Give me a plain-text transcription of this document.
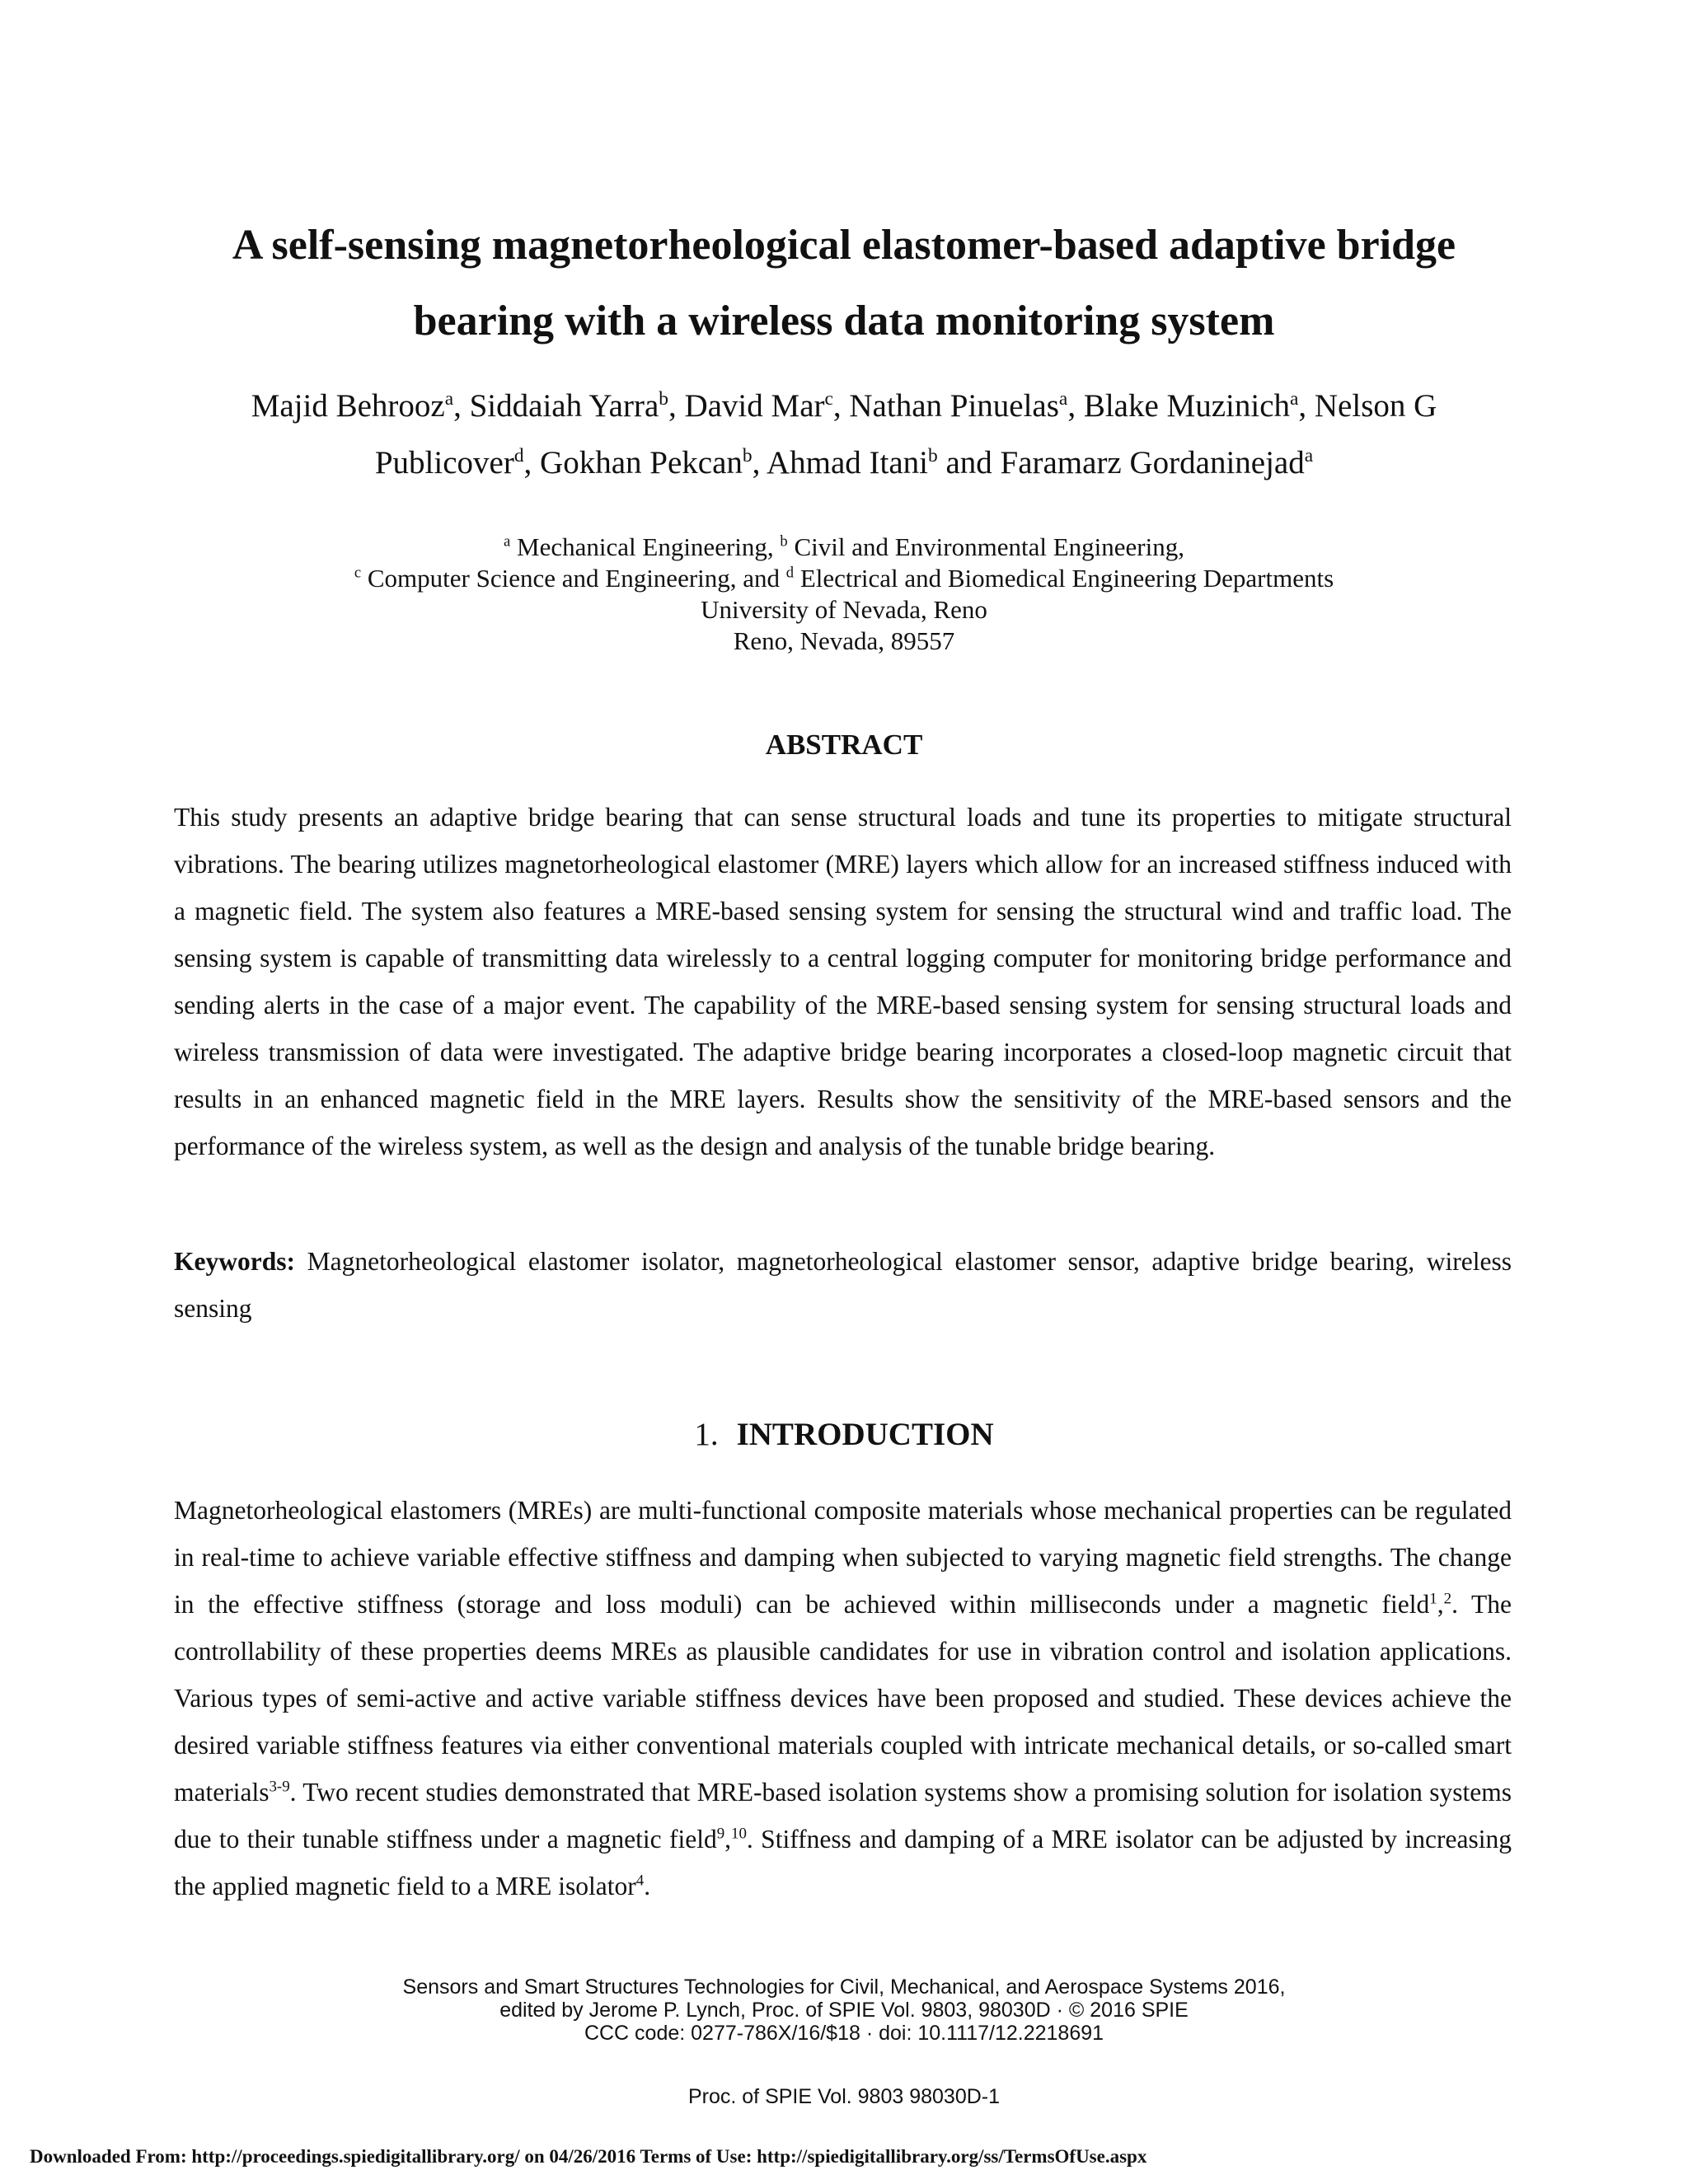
A self-sensing magnetorheological elastomer-based adaptive bridge
bearing with a wireless data monitoring system
Majid Behrooz$^a$, Siddaiah Yarra$^b$, David Mar$^c$, Nathan Pinuelas$^a$, Blake Muzinich$^a$, Nelson G Publicover$^d$, Gokhan Pekcan$^b$, Ahmad Itani$^b$ and Faramarz Gordaninejad$^a$
$^a$ Mechanical Engineering, $^b$ Civil and Environmental Engineering,
$^c$ Computer Science and Engineering, and $^d$ Electrical and Biomedical Engineering Departments
University of Nevada, Reno
Reno, Nevada, 89557
ABSTRACT
This study presents an adaptive bridge bearing that can sense structural loads and tune its properties to mitigate structural vibrations. The bearing utilizes magnetorheological elastomer (MRE) layers which allow for an increased stiffness induced with a magnetic field. The system also features a MRE-based sensing system for sensing the structural wind and traffic load. The sensing system is capable of transmitting data wirelessly to a central logging computer for monitoring bridge performance and sending alerts in the case of a major event. The capability of the MRE-based sensing system for sensing structural loads and wireless transmission of data were investigated. The adaptive bridge bearing incorporates a closed-loop magnetic circuit that results in an enhanced magnetic field in the MRE layers. Results show the sensitivity of the MRE-based sensors and the performance of the wireless system, as well as the design and analysis of the tunable bridge bearing.
Keywords: Magnetorheological elastomer isolator, magnetorheological elastomer sensor, adaptive bridge bearing, wireless sensing
1. INTRODUCTION
Magnetorheological elastomers (MREs) are multi-functional composite materials whose mechanical properties can be regulated in real-time to achieve variable effective stiffness and damping when subjected to varying magnetic field strengths. The change in the effective stiffness (storage and loss moduli) can be achieved within milliseconds under a magnetic field$^1$,$^2$. The controllability of these properties deems MREs as plausible candidates for use in vibration control and isolation applications. Various types of semi-active and active variable stiffness devices have been proposed and studied. These devices achieve the desired variable stiffness features via either conventional materials coupled with intricate mechanical details, or so-called smart materials$^{3-9}$. Two recent studies demonstrated that MRE-based isolation systems show a promising solution for isolation systems due to their tunable stiffness under a magnetic field$^9$,$^{10}$. Stiffness and damping of a MRE isolator can be adjusted by increasing the applied magnetic field to a MRE isolator$^4$.
Sensors and Smart Structures Technologies for Civil, Mechanical, and Aerospace Systems 2016,
edited by Jerome P. Lynch, Proc. of SPIE Vol. 9803, 98030D · © 2016 SPIE
CCC code: 0277-786X/16/$18 · doi: 10.1117/12.2218691
Proc. of SPIE Vol. 9803 98030D-1
Downloaded From: http://proceedings.spiedigitallibrary.org/ on 04/26/2016 Terms of Use: http://spiedigitallibrary.org/ss/TermsOfUse.aspx
